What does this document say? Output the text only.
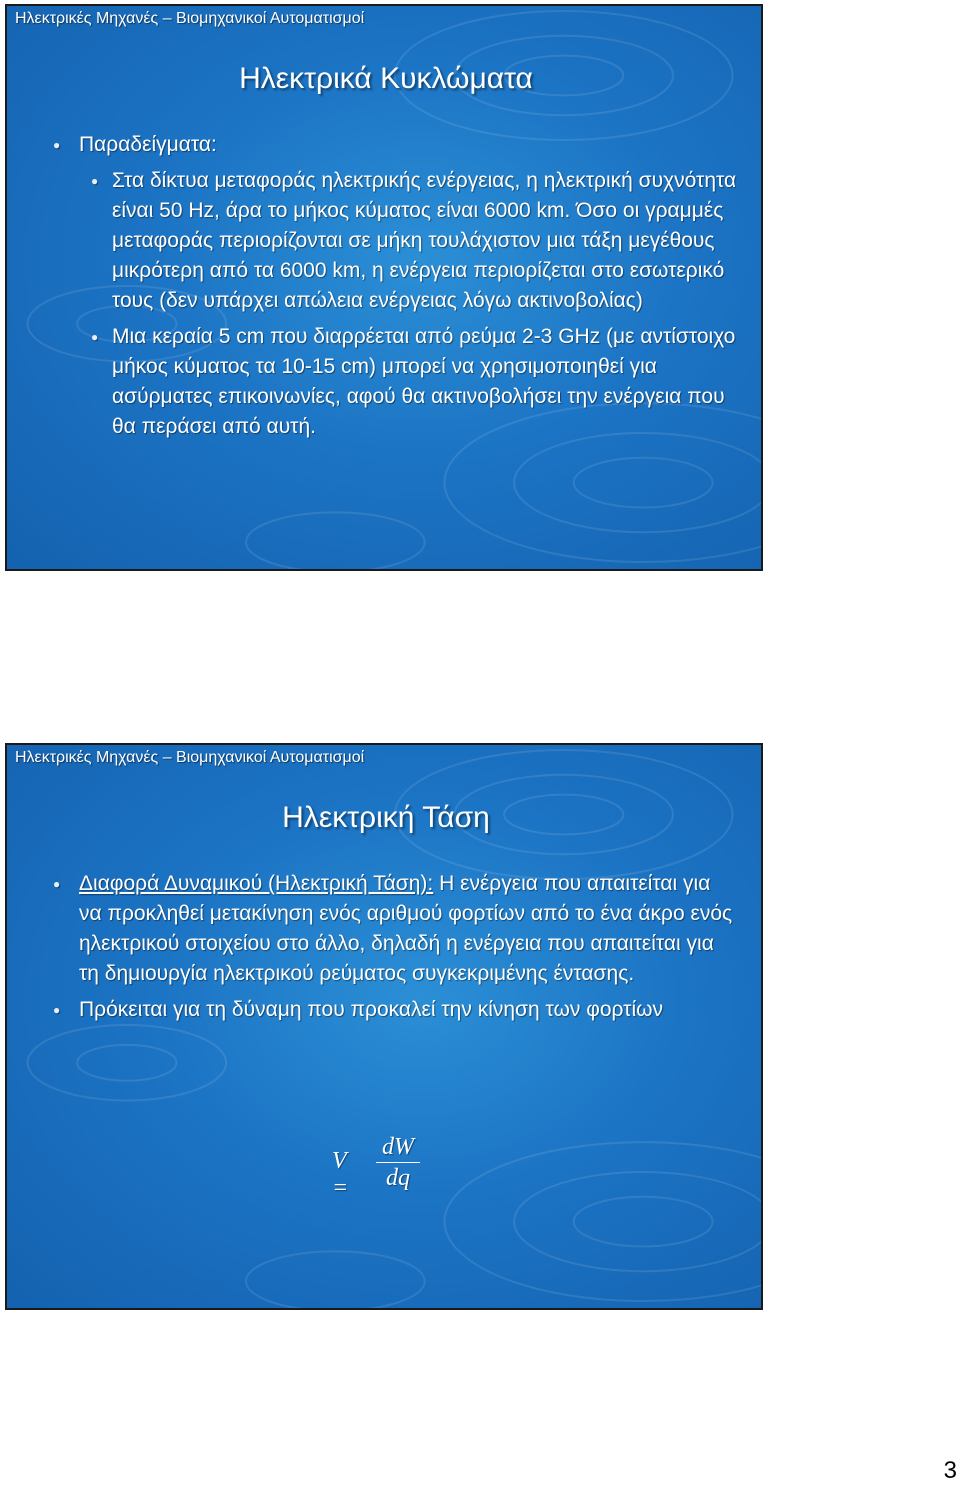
Ηλεκτρικές Μηχανές – Βιομηχανικοί Αυτοματισμοί
Ηλεκτρικά Κυκλώματα
● Παραδείγματα:
● Στα δίκτυα μεταφοράς ηλεκτρικής ενέργειας, η ηλεκτρική συχνότητα είναι 50 Hz, άρα το μήκος κύματος είναι 6000 km. Όσο οι γραμμές μεταφοράς περιορίζονται σε μήκη τουλάχιστον μια τάξη μεγέθους μικρότερη από τα 6000 km, η ενέργεια περιορίζεται στο εσωτερικό τους (δεν υπάρχει απώλεια ενέργειας λόγω ακτινοβολίας)
● Μια κεραία 5 cm που διαρρέεται από ρεύμα 2-3 GHz (με αντίστοιχο μήκος κύματος τα 10-15 cm) μπορεί να χρησιμοποιηθεί για ασύρματες επικοινωνίες, αφού θα ακτινοβολήσει την ενέργεια που θα περάσει από αυτή.
Ηλεκτρικές Μηχανές – Βιομηχανικοί Αυτοματισμοί
Ηλεκτρική Τάση
● Διαφορά Δυναμικού (Ηλεκτρική Τάση): Η ενέργεια που απαιτείται για να προκληθεί μετακίνηση ενός αριθμού φορτίων από το ένα άκρο ενός ηλεκτρικού στοιχείου στο άλλο, δηλαδή η ενέργεια που απαιτείται για τη δημιουργία ηλεκτρικού ρεύματος συγκεκριμένης έντασης.
● Πρόκειται για τη δύναμη που προκαλεί την κίνηση των φορτίων
V =
dW
dq
3
